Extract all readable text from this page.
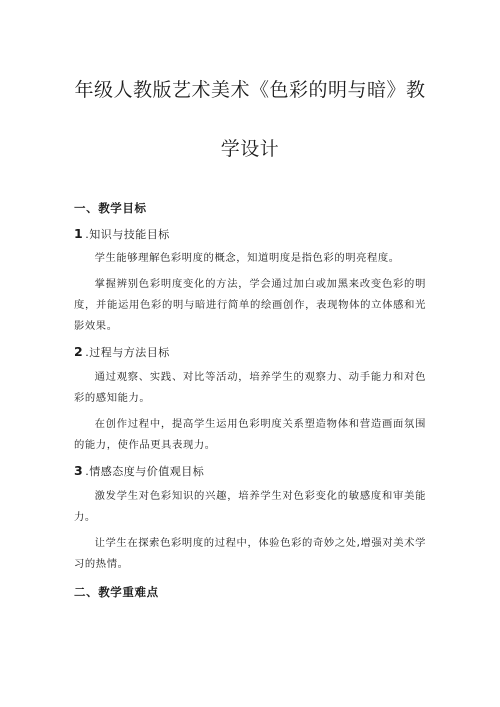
年级人教版艺术美术《色彩的明与暗》教
学设计

一、教学目标

1 .知识与技能目标

学生能够理解色彩明度的概念，知道明度是指色彩的明亮程度。

掌握辨别色彩明度变化的方法，学会通过加白或加黑来改变色彩的明度，并能运用色彩的明与暗进行简单的绘画创作，表现物体的立体感和光影效果。

2 .过程与方法目标

通过观察、实践、对比等活动，培养学生的观察力、动手能力和对色彩的感知能力。

在创作过程中，提高学生运用色彩明度关系塑造物体和营造画面氛围的能力，使作品更具表现力。

3 .情感态度与价值观目标

激发学生对色彩知识的兴趣，培养学生对色彩变化的敏感度和审美能力。

让学生在探索色彩明度的过程中，体验色彩的奇妙之处,增强对美术学习的热情。

二、教学重难点
